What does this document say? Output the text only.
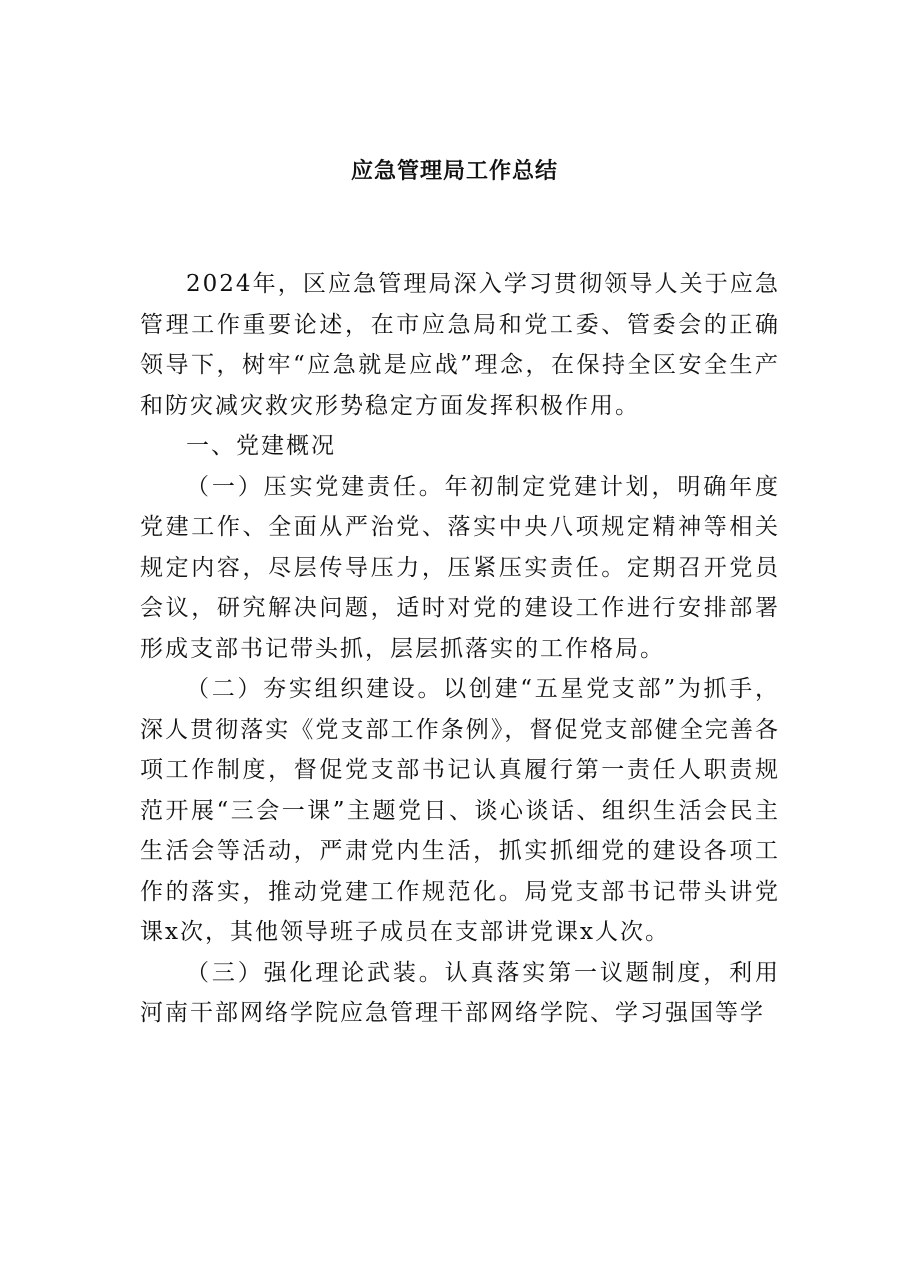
应急管理局工作总结

2024年，区应急管理局深入学习贯彻领导人关于应急管理工作重要论述，在市应急局和党工委、管委会的正确领导下，树牢“应急就是应战”理念，在保持全区安全生产和防灾减灾救灾形势稳定方面发挥积极作用。

一、党建概况

（一）压实党建责任。年初制定党建计划，明确年度党建工作、全面从严治党、落实中央八项规定精神等相关规定内容，尽层传导压力，压紧压实责任。定期召开党员会议，研究解决问题，适时对党的建设工作进行安排部署形成支部书记带头抓，层层抓落实的工作格局。

（二）夯实组织建设。以创建“五星党支部”为抓手，深人贯彻落实《党支部工作条例》，督促党支部健全完善各项工作制度，督促党支部书记认真履行第一责任人职责规范开展“三会一课”主题党日、谈心谈话、组织生活会民主生活会等活动，严肃党内生活，抓实抓细党的建设各项工作的落实，推动党建工作规范化。局党支部书记带头讲党课x次，其他领导班子成员在支部讲党课x人次。

（三）强化理论武装。认真落实第一议题制度，利用河南干部网络学院应急管理干部网络学院、学习强国等学
